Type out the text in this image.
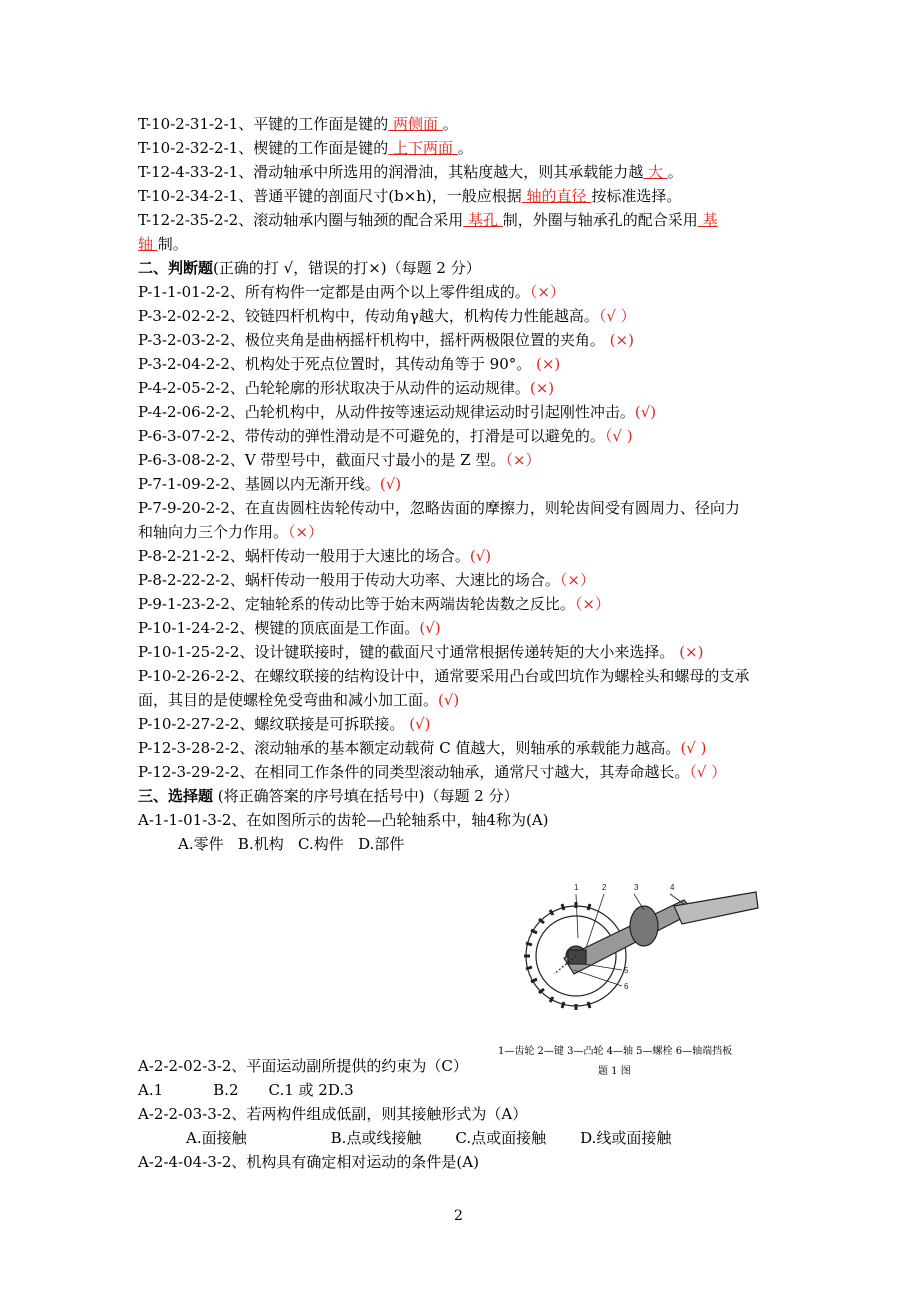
T-10-2-31-2-1、平键的工作面是键的 两侧面 。
T-10-2-32-2-1、楔键的工作面是键的 上下两面 。
T-12-4-33-2-1、滑动轴承中所选用的润滑油，其粘度越大，则其承载能力越 大 。
T-10-2-34-2-1、普通平键的剖面尺寸(b×h)，一般应根据 轴的直径 按标准选择。
T-12-2-35-2-2、滚动轴承内圈与轴颈的配合采用 基孔 制，外圈与轴承孔的配合采用 基
轴 制。
二、判断题(正确的打 √，错误的打×)（每题 2 分）
P-1-1-01-2-2、所有构件一定都是由两个以上零件组成的。（×）
P-3-2-02-2-2、铰链四杆机构中，传动角γ越大，机构传力性能越高。（√ ）
P-3-2-03-2-2、极位夹角是曲柄摇杆机构中，摇杆两极限位置的夹角。 (×)
P-3-2-04-2-2、机构处于死点位置时，其传动角等于 90°。 (×)
P-4-2-05-2-2、凸轮轮廓的形状取决于从动件的运动规律。(×)
P-4-2-06-2-2、凸轮机构中，从动件按等速运动规律运动时引起刚性冲击。(√)
P-6-3-07-2-2、带传动的弹性滑动是不可避免的，打滑是可以避免的。（√ )
P-6-3-08-2-2、V 带型号中，截面尺寸最小的是 Z 型。（×）
P-7-1-09-2-2、基圆以内无渐开线。(√)
P-7-9-20-2-2、在直齿圆柱齿轮传动中，忽略齿面的摩擦力，则轮齿间受有圆周力、径向力
和轴向力三个力作用。（×）
P-8-2-21-2-2、蜗杆传动一般用于大速比的场合。(√)
P-8-2-22-2-2、蜗杆传动一般用于传动大功率、大速比的场合。（×）
P-9-1-23-2-2、定轴轮系的传动比等于始末两端齿轮齿数之反比。（×）
P-10-1-24-2-2、楔键的顶底面是工作面。(√)
P-10-1-25-2-2、设计键联接时，键的截面尺寸通常根据传递转矩的大小来选择。 (×)
P-10-2-26-2-2、在螺纹联接的结构设计中，通常要采用凸台或凹坑作为螺栓头和螺母的支承
面，其目的是使螺栓免受弯曲和减小加工面。(√)
P-10-2-27-2-2、螺纹联接是可拆联接。 (√)
P-12-3-28-2-2、滚动轴承的基本额定动载荷 C 值越大，则轴承的承载能力越高。(√ )
P-12-3-29-2-2、在相同工作条件的同类型滚动轴承，通常尺寸越大，其寿命越长。（√ ）
三、选择题 (将正确答案的序号填在括号中)（每题 2 分）
A-1-1-01-3-2、在如图所示的齿轮—凸轮轴系中，轴4称为(A)
A.零件 B.机构 C.构件 D.部件
1	2	3	4
5
6
1—齿轮 2—键 3—凸轮 4—轴 5—螺栓 6—轴端挡板
题 1 图
A-2-2-02-3-2、平面运动副所提供的约束为（C）
A.1	B.2 C.1 或 2D.3
A-2-2-03-3-2、若两构件组成低副，则其接触形式为（A）
A.面接触	B.点或线接触 C.点或面接触 D.线或面接触
A-2-4-04-3-2、机构具有确定相对运动的条件是(A)
2
